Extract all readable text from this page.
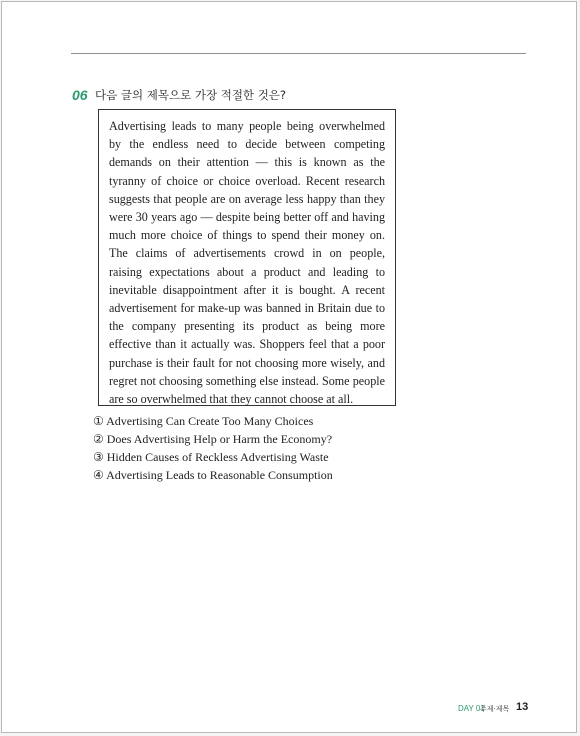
06 다음 글의 제목으로 가장 적절한 것은?

Advertising leads to many people being overwhelmed by the endless need to decide between competing demands on their attention — this is known as the tyranny of choice or choice overload. Recent research suggests that people are on average less happy than they were 30 years ago — despite being better off and having much more choice of things to spend their money on. The claims of advertisements crowd in on people, raising expectations about a product and leading to inevitable disappointment after it is bought. A recent advertisement for make-up was banned in Britain due to the company presenting its product as being more effective than it actually was. Shoppers feel that a poor purchase is their fault for not choosing more wisely, and regret not choosing something else instead. Some people are so overwhelmed that they cannot choose at all.

① Advertising Can Create Too Many Choices
② Does Advertising Help or Harm the Economy?
③ Hidden Causes of Reckless Advertising Waste
④ Advertising Leads to Reasonable Consumption
DAY 01
주제·제목 13
